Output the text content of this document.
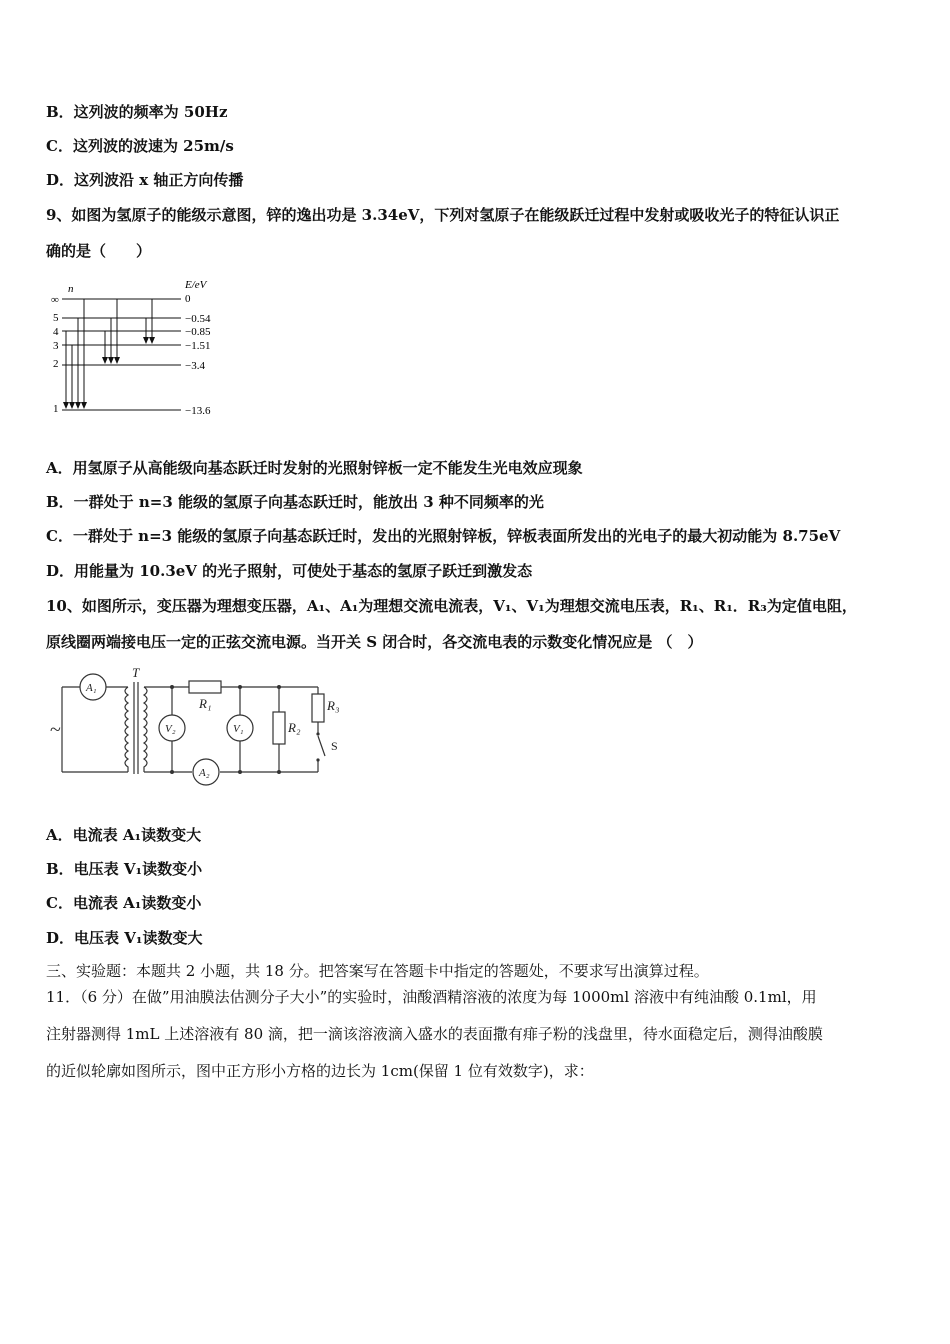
B．这列波的频率为 50Hz
C．这列波的波速为 25m/s
D．这列波沿 x 轴正方向传播
9、如图为氢原子的能级示意图，锌的逸出功是 3.34eV，下列对氢原子在能级跃迁过程中发射或吸收光子的特征认识正
确的是（　　）
n	E/eV
∞
5
4
3
2
1
0
−0.54
−0.85
−1.51
−3.4
−13.6
A．用氢原子从高能级向基态跃迁时发射的光照射锌板一定不能发生光电效应现象
B．一群处于 n=3 能级的氢原子向基态跃迁时，能放出 3 种不同频率的光
C．一群处于 n=3 能级的氢原子向基态跃迁时，发出的光照射锌板，锌板表面所发出的光电子的最大初动能为 8.75eV
D．用能量为 10.3eV 的光子照射，可使处于基态的氢原子跃迁到激发态
10、如图所示，变压器为理想变压器，A₁、A₁为理想交流电流表，V₁、V₁为理想交流电压表，R₁、R₁．R₃为定值电阻，
原线圈两端接电压一定的正弦交流电源。当开关 S 闭合时，各交流电表的示数变化情况应是 （　）
A₁
A₂
V₂	V₁
R₁
R₂
R₃
T
S
~
A．电流表 A₁读数变大
B．电压表 V₁读数变小
C．电流表 A₁读数变小
D．电压表 V₁读数变大
三、实验题：本题共 2 小题，共 18 分。把答案写在答题卡中指定的答题处，不要求写出演算过程。
11．（6 分）在做”用油膜法估测分子大小”的实验时，油酸酒精溶液的浓度为每 1000ml 溶液中有纯油酸 0.1ml，用
注射器测得 1mL 上述溶液有 80 滴，把一滴该溶液滴入盛水的表面撒有痱子粉的浅盘里，待水面稳定后，测得油酸膜
的近似轮廓如图所示，图中正方形小方格的边长为 1cm(保留 1 位有效数字)，求：
